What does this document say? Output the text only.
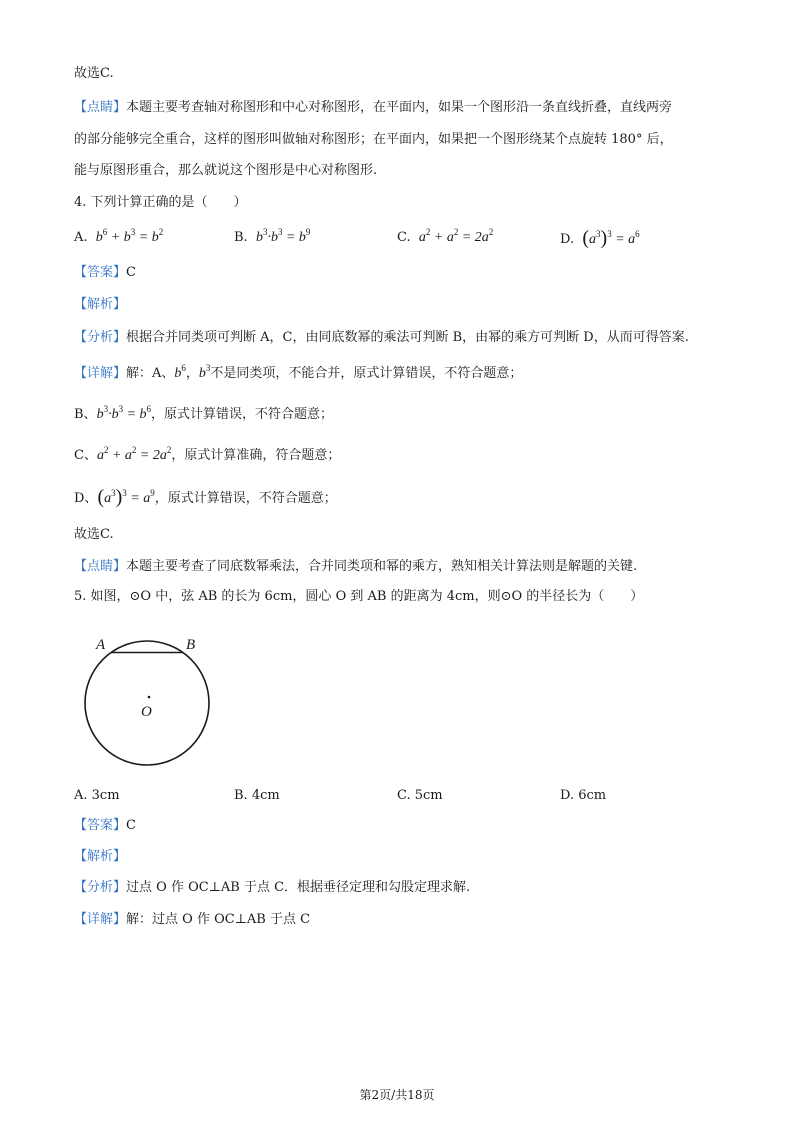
故选C.
【点睛】本题主要考查轴对称图形和中心对称图形，在平面内，如果一个图形沿一条直线折叠，直线两旁
的部分能够完全重合，这样的图形叫做轴对称图形；在平面内，如果把一个图形绕某个点旋转 180° 后，
能与原图形重合，那么就说这个图形是中心对称图形.
4. 下列计算正确的是（　　）
A. $b^6 + b^3 = b^2$	B. $b^3\cdot b^3 = b^9$	C. $a^2 + a^2 = 2a^2$	D. $(a^3)^3 = a^6$
【答案】C
【解析】
【分析】根据合并同类项可判断 A，C，由同底数幂的乘法可判断 B，由幂的乘方可判断 D，从而可得答案.
【详解】解：A、$b^6$，$b^3$不是同类项，不能合并，原式计算错误，不符合题意；
B、$b^3\cdot b^3 = b^6$，原式计算错误，不符合题意；
C、$a^2 + a^2 = 2a^2$，原式计算准确，符合题意；
D、$(a^3)^3 = a^9$，原式计算错误，不符合题意；
故选C.
【点睛】本题主要考查了同底数幂乘法，合并同类项和幂的乘方，熟知相关计算法则是解题的关键.
5. 如图，⊙O 中，弦 AB 的长为 6cm，圆心 O 到 AB 的距离为 4cm，则⊙O 的半径长为（　　）
A	B
O
A. 3cm	B. 4cm	C. 5cm	D. 6cm
【答案】C
【解析】
【分析】过点 O 作 OC⊥AB 于点 C．根据垂径定理和勾股定理求解.
【详解】解：过点 O 作 OC⊥AB 于点 C
第2页/共18页
